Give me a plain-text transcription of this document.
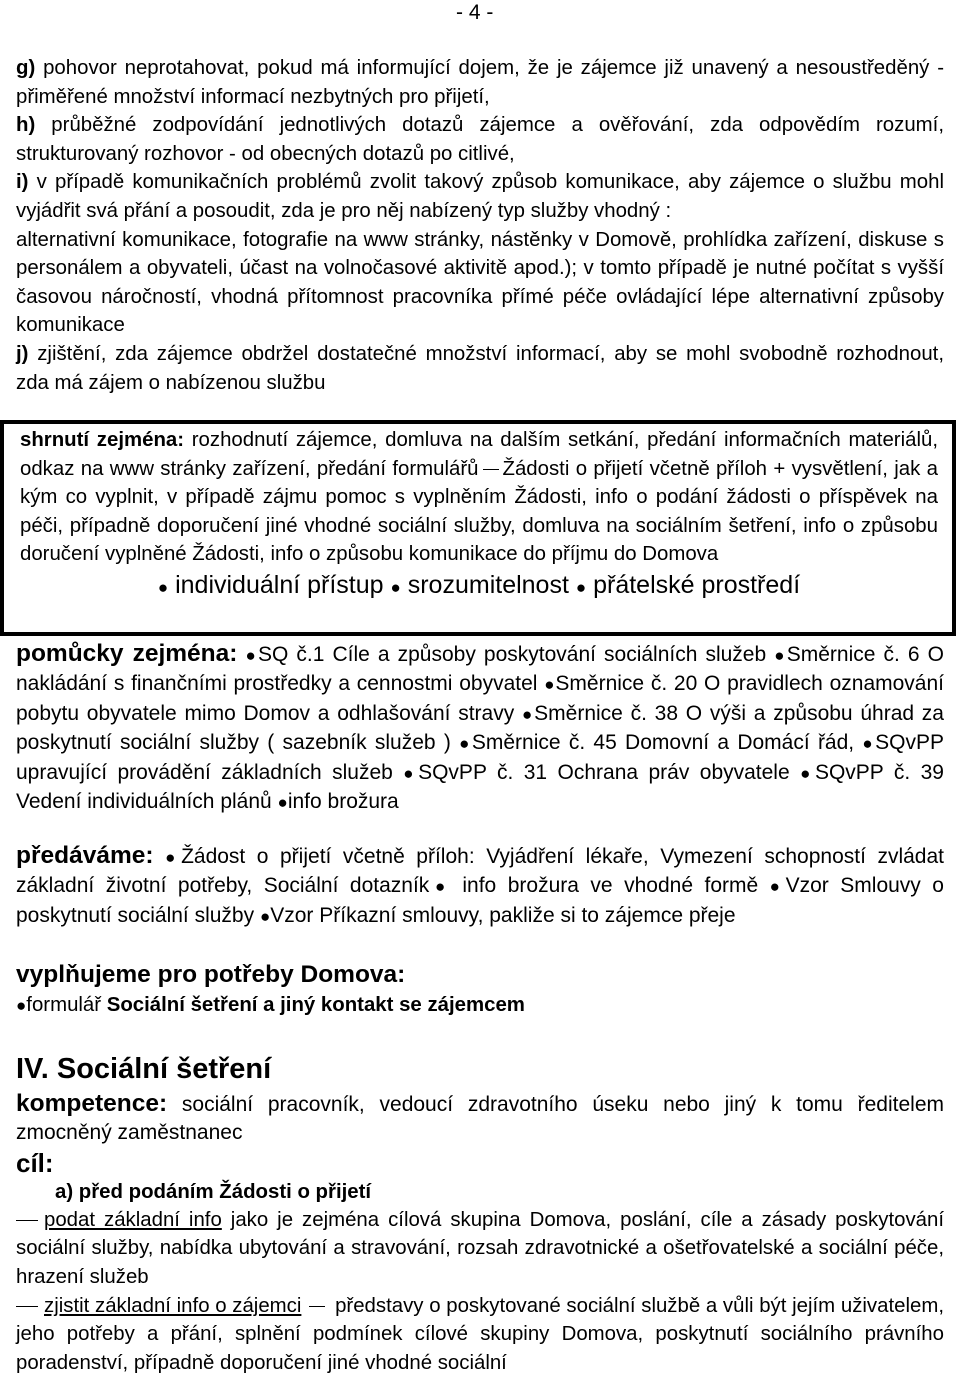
- 4 -

g) pohovor neprotahovat, pokud má informující dojem, že je zájemce již unavený a nesoustředěný - přiměřené množství informací nezbytných pro přijetí,

h) průběžné zodpovídání jednotlivých dotazů zájemce a ověřování, zda odpovědím rozumí, strukturovaný rozhovor - od obecných dotazů po citlivé,

i) v případě komunikačních problémů zvolit takový způsob komunikace, aby zájemce o službu mohl vyjádřit svá přání a posoudit, zda je pro něj nabízený typ služby vhodný :

alternativní komunikace, fotografie na www stránky, nástěnky v Domově, prohlídka zařízení, diskuse s personálem a obyvateli, účast na volnočasové aktivitě apod.); v tomto případě je nutné počítat s vyšší časovou náročností, vhodná přítomnost pracovníka přímé péče ovládající lépe alternativní způsoby komunikace

j) zjištění, zda zájemce obdržel dostatečné množství informací, aby se mohl svobodně rozhodnout, zda má zájem o nabízenou službu

shrnutí zejména: rozhodnutí zájemce, domluva na dalším setkání, předání informačních materiálů, odkaz na www stránky zařízení, předání formulářů Žádosti o přijetí včetně příloh + vysvětlení, jak a kým co vyplnit, v případě zájmu pomoc s vyplněním Žádosti, info o podání žádosti o příspěvek na péči, případně doporučení jiné vhodné sociální služby, domluva na sociálním šetření, info o způsobu doručení vyplněné Žádosti, info o způsobu komunikace do příjmu do Domova

● individuální přístup ● srozumitelnost ● přátelské prostředí

pomůcky zejména: ●SQ č.1 Cíle a způsoby poskytování sociálních služeb ●Směrnice č. 6 O nakládání s finančními prostředky a cennostmi obyvatel ●Směrnice č. 20 O pravidlech oznamování pobytu obyvatele mimo Domov a odhlašování stravy ●Směrnice č. 38 O výši a způsobu úhrad za poskytnutí sociální služby ( sazebník služeb ) ●Směrnice č. 45 Domovní a Domácí řád, ●SQvPP upravující provádění základních služeb ●SQvPP č. 31 Ochrana práv obyvatele ●SQvPP č. 39 Vedení individuálních plánů ●info brožura

předáváme: ●Žádost o přijetí včetně příloh: Vyjádření lékaře, Vymezení schopností zvládat základní životní potřeby, Sociální dotazník● info brožura ve vhodné formě ●Vzor Smlouvy o poskytnutí sociální služby ●Vzor Příkazní smlouvy, pakliže si to zájemce přeje

vyplňujeme pro potřeby Domova:
●formulář Sociální šetření a jiný kontakt se zájemcem
IV. Sociální šetření

kompetence: sociální pracovník, vedoucí zdravotního úseku nebo jiný k tomu ředitelem zmocněný zaměstnanec

cíl:
a) před podáním Žádosti o přijetí

podat základní info jako je zejména cílová skupina Domova, poslání, cíle a zásady poskytování sociální služby, nabídka ubytování a stravování, rozsah zdravotnické a ošetřovatelské a sociální péče, hrazení služeb

zjistit základní info o zájemci představy o poskytované sociální službě a vůli být jejím uživatelem, jeho potřeby a přání, splnění podmínek cílové skupiny Domova, poskytnutí sociálního právního poradenství, případně doporučení jiné vhodné sociální
